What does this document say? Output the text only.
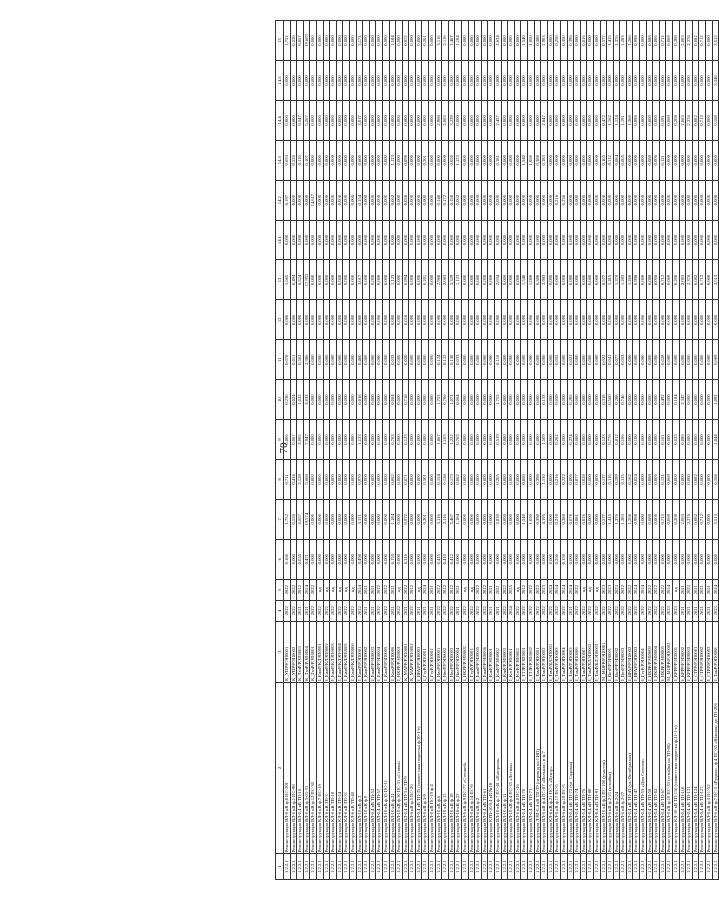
70
1	2	3	4	5	6	7	8	9	10	11	12	13	14.1	14.2	14.3	14.4	14.5	15
1.2.2.1	Реконструкция ВЛ-6 кВ ф.8 ПС-201	K_УПР/РЭП0001	2022	2022	0,186	1,752	0,711	0,806	0,230	0,078	0,000	1,665	0,000	0,197	0,653	0,000	0,000	1,752
1.2.2.1	Реконструкция ВЛ-6 кВ ф.1 ПС-98	K_УПР/РЭП0002	2022	2022	0,000	0,520	0,418	0,067	0,024	0,011	0,000	0,494	0,000	0,000	0,520	0,000	0,000	0,520
1.2.2.1	Реконструкция ВЛ-0,4 кВ ТП-16	K_ТзпР/РЭП0003	2021	2022	0,035	6,657	2,128	3,005	1,022	0,502	0,000	6,324	0,000	0,000	0,110	6,547	0,000	6,657
1.2.2.1	Реконструкция ВЛ-6 кВ ф.5-01-31	K_ТзпР/РЭП0004	2021	2024	0,471	19,574	5,608	7,947	3,633	2,386	0,000	17,952	0,000	0,000	0,107	5,267	0,000	19,683
1.2.2.1	Реконструкция ВЛ-6 кВ ф.12 ПС-30	K_ТзпР/РЭП0001	2022	2022	0,000	0,000	0,000	0,000	0,000	0,000	0,000	0,000	0,000	14,617	0,000	0,000	0,000	0,000
1.2.2.1	Реконструкция КЛ-6 кВ ф.7 ПС-19	I_ЕжвР/КЛЭП0001	2022	нд	0,000	0,000	0,000	0,000	0,000	0,000	0,000	0,000	0,000	0,000	0,000	0,000	0,000	0,000
1.2.2.1	Реконструкция КЛ-6 кВ ТП-3	I_ЕжвР/КЛЭП0002	2022	нд	0,000	0,000	0,000	0,000	0,000	0,000	0,000	0,000	0,000	0,000	0,000	0,000	0,000	0,000
1.2.2.1	Реконструкция КЛ-6 кВ ТП-18	I_ЕжвР/КЛЭП0003	2022	нд	0,000	0,000	0,000	0,000	0,000	0,000	0,000	0,000	0,000	0,000	0,000	0,000	0,000	0,000
1.2.2.1	Реконструкция КЛ-6 кВ ТП-24	I_ЕжвР/КЛЭП0004	2022	нд	0,000	0,000	0,000	0,000	0,000	0,000	0,000	0,000	0,000	0,000	0,000	0,000	0,000	0,000
1.2.2.1	Реконструкция КЛ-6 кВ ТП-31	I_ЕжвР/КЛЭП0005	2022	нд	0,000	0,000	0,000	0,000	0,000	0,000	0,000	0,000	0,000	0,000	0,000	0,000	0,000	0,000
1.2.2.1	Реконструкция КЛ-6 кВ ТП-40	I_ЕжвР/КЛЭП0006	2022	нд	0,000	0,000	0,000	0,000	0,000	0,000	0,000	0,000	0,000	0,000	0,000	0,000	0,000	0,000
1.2.2.1	Реконструкция ВЛ-10 кВ ф.3	I_КжвР/РЭП0001	2022	2024	0,498	3,171	0,970	1,123	0,618	0,460	0,000	3,017	0,000	0,154	0,600	3,017	0,000	3,171
1.2.2.1	Реконструкция ВЛ-10 кВ ф.9	I_КжвР/РЭП0002	2021	2021	0,000	0,000	0,000	0,000	0,000	0,000	0,000	0,000	0,000	0,000	0,000	0,000	0,000	0,000
1.2.2.1	Реконструкция ВЛ-0,4 кВ ТП-52	I_ЕжвР/РЭП0003	2021	2021	0,000	0,000	0,000	0,000	0,000	0,000	0,000	0,000	0,000	0,000	0,000	0,000	0,000	0,000
1.2.2.1	Реконструкция ВЛ-0,4 кВ ТП-57	I_ЕжвР/РЭП0004	2022	2022	0,000	0,000	0,000	0,000	0,000	0,000	0,000	0,000	0,000	0,000	0,000	0,000	0,000	0,000
1.2.2.1	Реконструкция ВЛ-10 кВ ф.15 ПС-11	I_КжвР/РЭП0005	2022	2022	0,000	0,000	0,000	0,000	0,000	0,000	0,000	0,000	0,000	0,000	0,000	0,000	0,000	0,000
1.2.2.1	Реконструкция ВЛ-10 кВ ф.21	I_КжвР/РЭП0006	2021	2021	6,155	1,184	0,062	0,763	0,064	0,033	0,000	1,123	0,000	0,062	1,123	0,000	0,000	1,184
1.2.2.1	Реконструкция ВЛ-10 кВ ф.10 ПС-31 «Ставка»	I_НКРР/РЭП0001	2022	нд	0,000	0,000	0,000	0,000	0,000	0,000	0,000	0,000	0,000	0,000	0,000	0,000	0,000	0,000
1.2.2.1	Реконструкция ВЛ-0,4 кВ ТП-3 и ТП-9	K_МАРР/РЭП0001	2021	2022	0,116	0,972	0,071	0,123	0,718	0,020	0,010	0,894	0,000	0,058	0,898	0,000	0,000	0,972
1.2.2.1	Реконструкция ВЛ-6 кВ ф.5 ПС-26	K_МАРР/РЭП0002	2022	2022	0,000	0,000	0,000	0,000	0,000	0,000	0,000	0,000	0,000	0,000	0,000	0,000	0,000	0,000
1.2.2.1	Реконструкция ВЛ-0,4 кВ ТП-35 (совместная подвеска ф.10-1-е)	I_ВРАР/РЭП0001	2021	нд	0,000	0,000	0,000	0,000	0,000	0,000	0,000	0,000	0,000	0,000	0,000	0,000	0,000	0,000
1.2.2.1	Реконструкция ВЛ-6 кВ ф.3-9	I_ГзуР/РЭП0001	2021	2024	0,000	0,201	0,501	0,000	0,000	0,000	0,000	0,201	0,000	0,000	0,201	0,000	0,000	0,201
1.2.2.1	Реконструкция ВЛ-6 кВ ПС-19 ф.4	I_ГзуР/РЭП0002	2021	2021	0,000	0,000	0,000	0,000	0,000	0,000	0,000	0,000	0,000	0,000	0,000	0,000	0,000	0,000
1.2.2.1	Реконструкция ВЛ-10 кВ ф.6	I_НвгР/РЭП0001	2022	2022	0,415	3,116	0,154	1,867	1,753	0,124	0,000	2,968	0,000	0,148	0,000	2,968	0,000	3,116
1.2.2.1	Реконструкция ВЛ-10 кВ ф.12	I_НвгР/РЭП0002	2022	2022	0,410	2,116	0,138	1,103	0,706	0,122	0,000	2,063	0,000	0,172	0,000	2,063	0,000	2,116
1.2.2.1	Реконструкция ВЛ-10 кВ ф.18	I_НвгР/РЭП0003	2022	2022	0,412	3,467	0,173	1,222	1,072	0,138	0,000	3,329	0,000	0,158	0,050	3,239	0,000	3,407
1.2.2.1	Реконструкция ВЛ-10 кВ ф.22	I_НвгР/РЭП0004	2021	2021	0,000	1,184	0,062	0,763	0,064	0,033	0,000	1,123	0,000	0,062	1,123	0,000	0,000	1,184
1.2.2.1	Реконструкция ВЛ-6 кВ ф.9 ПС-77 «Степной»	I_НКРР/РЭП0002	2022	нд	0,000	0,000	0,000	0,000	0,000	0,000	0,000	0,000	0,000	0,000	0,000	0,000	0,000	0,000
1.2.2.1	Реконструкция ВЛ-6 кВ ф.14 ПС-8	I_ГзуР/РЭП0003	2022	нд	0,000	0,000	0,000	0,000	0,000	0,000	0,000	0,000	0,000	0,000	0,000	0,000	0,000	0,000
1.2.2.1	Реконструкция ВЛ-6 кВ ф.2	I_ЕжвР/РЭП0005	2022	2022	0,000	0,000	0,000	0,000	0,000	0,000	0,000	0,000	0,000	0,000	0,000	0,000	0,000	0,000
1.2.2.1	Реконструкция ВЛ-0,4 кВ ТП-61	I_ЕжвР/РЭП0006	2022	2022	0,000	0,000	0,000	0,000	0,000	0,000	0,000	0,000	0,000	0,000	0,000	0,000	0,000	0,000
1.2.2.1	Реконструкция КТП-10/0,4 кВ №18	I_КзвР/РЭП0001	2021	2021	0,000	0,000	0,000	0,000	0,000	0,000	0,000	0,000	0,000	0,000	0,000	0,000	0,000	0,000
1.2.2.1	Реконструкция ВЛ-10 кВ ф.7 ПС-41 «Нагорная»	I_КзвР/РЭП0002	2021	2021	0,000	2,830	0,205	0,519	1,753	0,116	0,000	2,634	0,000	0,000	0,181	2,457	0,000	2,634
1.2.2.1	Реконструкция ВЛ-10 кВ ф.11	I_КзвР/РЭП0003	2022	2022	0,000	0,000	0,000	0,000	0,000	0,000	0,000	0,000	0,000	0,000	0,000	0,000	0,000	0,000
1.2.2.1	Реконструкция ВЛ-10 кВ ф.4 ПС-35 «Лесная»	I_КзсР/РЭП0001	2024	2025	0,000	0,000	0,000	0,000	0,000	0,000	0,000	0,000	0,000	0,000	0,000	0,000	0,000	0,000
1.2.2.1	Реконструкция ВЛ-6 кВ ф.8 ПС-16	I_КзсР/РЭП0002	2022	нд	0,000	0,000	0,000	0,000	0,000	0,000	0,000	0,000	0,000	0,000	0,000	0,000	0,000	0,000
1.2.2.1	Реконструкция ВЛ-0,4 кВ ТП-70	I_ТТЗР/РЭП0001	2022	2022	0,000	1,540	0,060	0,000	0,000	0,000	0,000	1,540	0,000	0,000	1,540	0,000	0,000	1,540
1.2.2.1	Реконструкция ВЛ-0,4 кВ ТП-71	I_ТТЗР/РЭП0002	2022	2022	0,000	1,050	0,000	0,000	0,000	0,000	0,000	1,000	0,000	0,000	1,050	0,000	0,000	1,050
1.2.2.1	Реконструкция ЛЭП-0,4 кВ ТП-39 (перевод на СИП)	I_ТамР/РЭП0001	2022	2022	0,000	0,398	0,398	0,000	0,000	0,000	0,000	0,388	0,000	0,000	0,388	0,000	0,000	0,388
1.2.2.1	Реконструкция ВЛ-6 кВ ф.4 ПС-87 «Вольная» и ф.7	I_ТамР/РЭП0002	2022	2023	0,000	4,195	1,130	1,509	0,133	0,000	0,000	2,983	0,000	0,000	0,183	2,847	0,000	2,983
1.2.2.1	Реконструкция КЛ-6 кВ ф.21 ПС-5 «Центр»	I_ТамР/КЛЭП0001	2022	2024	0,000	0,000	0,000	0,000	0,000	0,000	0,000	0,000	0,000	0,000	0,000	0,000	0,000	0,000
1.2.2.1	Реконструкция ВЛ-6 кВ ф.17 ПС-5	I_ТамР/РЭП0003	2022	2024	0,250	0,210	0,216	0,262	0,059	0,055	0,000	0,000	0,000	0,216	0,000	0,000	0,000	0,250
1.2.2.1	Реконструкция ВЛ-6 кВ ф.19 ПС-5	I_ТамР/РЭП0004	2022	2024	0,150	0,380	0,222	0,000	0,000	0,000	0,000	0,000	0,000	0,236	0,000	0,000	0,000	0,350
1.2.2.1	Реконструкция ВЛ-0,4 кВ ТП-73 (ул. Садовая)	I_ТамР/РЭП0005	2021	2024	0,000	0,076	0,006	0,274	0,285	0,021	0,000	0,000	0,000	0,000	0,000	0,000	0,000	0,396
1.2.2.1	Реконструкция ВЛ-0,4 кВ ТП-74	I_ТамР/РЭП0006	2022	2022	0,000	0,081	0,077	0,000	0,000	0,000	0,000	0,000	0,000	0,000	0,000	0,000	0,000	0,000
1.2.2.1	Реконструкция ВЛ-0,4 кВ ТП-76	I_ТамР/РЭП0007	2022	нд	0,000	0,026	0,028	0,000	0,000	0,000	0,000	0,000	0,000	0,000	0,000	0,000	0,000	0,016
1.2.2.1	Реконструкция КЛ-0,4 кВ ТП-88	I_ТамР/КЛЭП0002	2022	нд	0,000	0,000	0,000	0,000	0,000	0,000	0,000	0,000	0,000	0,000	0,000	0,000	0,000	0,000
1.2.2.1	Реконструкция КЛ-0,4 кВ ТП-91	I_ТамР/КЛЭП0003	2022	нд	0,000	0,000	0,000	0,000	0,000	0,000	0,000	0,000	0,000	0,000	0,000	0,000	0,000	0,000
1.2.2.1	Реконструкция ВЛ-10 кВ ф.3 ПС-100 (участок)	M_МОРР/РЭП0001	2022	2023	0,000	0,577	0,137	0,123	0,318	0,022	0,000	0,577	0,000	0,000	0,105	0,472	0,000	0,577
1.2.2.1	Реконструкция ВЛ-6 кВ ф.2-21 (отпайка)	I_ВозР/РЭП0001	2022	2023	0,000	1,415	0,116	0,776	0,560	0,041	0,000	1,415	0,000	0,000	0,112	1,162	0,000	1,415
1.2.2.1	Реконструкция ВЛ-6 кВ ф.2-24	I_ВозР/РЭП0002	2022	2023	0,000	1,376	0,199	0,812	0,288	0,077	0,000	1,376	0,000	0,000	0,084	1,124	0,000	1,376
1.2.2.1	Реконструкция ВЛ-6 кВ ф.2-27	I_ВозР/РЭП0003	2022	2022	0,000	1,283	0,115	0,166	0,746	0,053	0,000	1,283	0,000	0,000	0,005	1,191	0,000	1,283
1.2.2.1	Реконструкция ВЛ-0,4 кВ ТП-43 (ул. Октябрьская)	I_ВРАР/РЭП0002	2022	2022	0,000	1,266	0,162	0,000	0,000	0,000	0,000	1,266	0,000	0,000	0,000	1,266	0,000	1,266
1.2.2.1	Реконструкция ВЛ-0,4 кВ ТП-47	I_ВРАР/РЭП0003	2022	2024	0,000	0,998	0,054	0,100	0,000	0,000	0,000	0,998	0,000	0,000	0,000	0,998	0,000	0,998
1.2.2.1	Реконструкция ВЛ-0,4 кВ ТП-53 «Дом Союзов»	I_ГзуР/РЭП0004	2022	2024	0,000	0,000	0,000	0,000	0,000	0,000	0,000	0,000	0,000	0,000	0,000	0,000	0,000	0,000
1.2.2.1	Реконструкция ВЛ-0,4 кВ ТП-58	I_НКРР/РЭП0003	2022	2022	0,000	0,088	0,088	0,000	0,000	0,000	0,000	0,088	0,000	0,000	0,088	0,000	0,000	0,088
1.2.2.1	Реконструкция ВЛ-0,4 кВ ТП-62	I_НКРР/РЭП0004	2022	2022	0,000	0,006	0,006	0,000	0,000	0,000	0,000	0,006	0,000	0,000	0,006	0,000	0,000	0,006
1.2.2.1	Реконструкция ВЛ-0,4 кВ ТП-67	I_НКРР/РЭП0005	2022	2022	0,000	0,713	0,121	0,101	0,492	0,028	0,000	0,712	0,000	0,000	0,121	0,591	0,000	0,712
1.2.2.1	Реконструкция ВЛ-6 кВ ф.10 ПС-33 (отпайка на ТП-80)	M_МОРР/РЭП0002	2023	2024	0,000	0,069	0,069	0,000	0,000	0,000	0,000	0,069	0,000	0,000	0,000	0,069	0,000	0,069
1.2.2.1	Реконструкция КЛ-10 кВ ТП-116 (совместная подвеска ф.11-1-е)	I_КРРР/РЭП0001	2023	нд	0,000	0,208	0,000	0,025	0,184	0,000	0,000	0,208	0,000	0,000	0,000	0,208	0,000	0,208
1.2.2.1	Реконструкция ВЛ-0,4 кВ ТП-118	I_КРРР/РЭП0002	2021	2021	0,000	2,063	0,000	0,086	2,347	0,000	0,000	2,063	0,000	0,000	0,000	2,063	0,000	2,063
1.2.2.1	Реконструкция ВЛ-0,4 кВ ТП-121	I_КРРР/РЭП0003	2021	2022	0,000	2,376	0,000	0,000	0,000	0,000	0,000	2,376	0,000	0,000	0,000	2,376	0,000	2,376
1.2.2.1	Реконструкция ВЛ-0,4 кВ ТП-124	I_СТРР/РЭП0001	2021	2021	0,000	0,082	0,082	0,000	0,000	0,000	0,000	0,082	0,000	0,000	0,000	0,082	0,000	0,082
1.2.2.1	Реконструкция ВЛ-0,4 кВ ТП-127	I_СТРР/РЭП0002	2021	2021	0,000	0,712	0,000	0,000	0,000	0,000	0,000	0,712	0,000	0,000	0,000	0,712	0,000	0,712
1.2.2.1	Реконструкция ВЛ-6 кВ ф.3 ПС-52	I_СТРР/РЭП0003	2021	2021	0,000	0,000	0,000	0,000	0,000	0,000	0,000	0,000	0,000	0,000	0,000	0,000	0,000	0,000
1.2.2.1	Реконструкция ВЛ-6 кВ ф.7 ПС-5 «Рудная», ф.4 ПС-35 «Южная» до ТП-206	I_ТамР/РЭП0008	2023	2024	0,000	3,513	0,168	1,844	1,892	0,009	0,000	3,513	0,000	0,000	0,000	0,168	3,346	3,513
